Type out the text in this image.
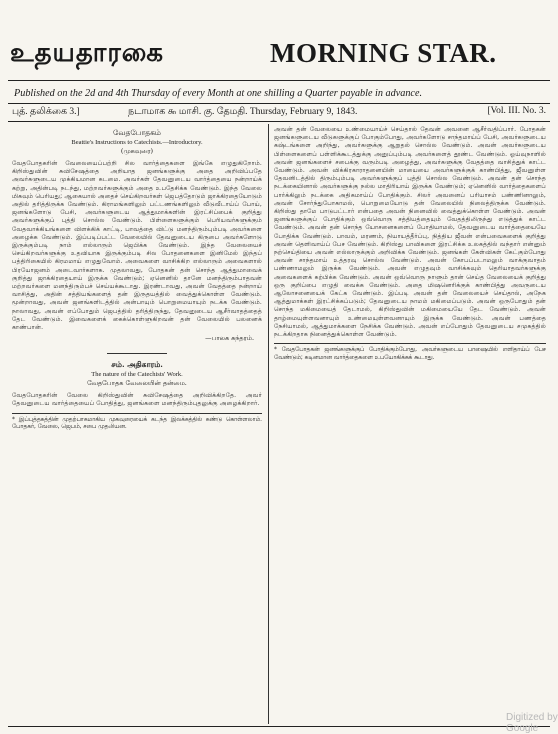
உதயதாரகை	MORNING STAR.
Published on the 2d and 4th Thursday of every Month at one shilling a Quarter payable in advance.
புத். தலிக்கை 3.]	நடாமாக ௯ மாசி. கு. தேமதி. Thursday, February 9, 1843.	[Vol. III. No. 3.

வேதபோதகம்

Beattie's Instructions to Catechists.—Introductory.

(முகவுரை)

வேதபோதகரின் வேலையைப்பற்றி சில வார்த்தைகளை இங்கே எழுதுகிறோம். கிறிஸ்துவின் சுவிசேஷத்தை அறியாத ஜனங்களுக்கு அதை அறிவிப்பதே அவர்களுடைய முக்கியமான கடமை. அவர்கள் தேவனுடைய வார்த்தையை நன்றாய்க் கற்று, அதின்படி நடந்து, மற்றவர்களுக்கும் அதை உபதேசிக்க வேண்டும். இந்த வேலை மிகவும் பெரியது; ஆகையால் அதைச் செய்கிறவர்கள் ஜெபத்தோடும் ஜாக்கிரதையோடும் அதில் தரித்திருக்க வேண்டும். கிராமங்களிலும் பட்டணங்களிலும் வீடுவீடாய்ப் போய், ஜனங்களோடு பேசி, அவர்களுடைய ஆத்துமாக்களின் இரட்சிப்பைக் குறித்து அவர்களுக்குப் புத்தி சொல்ல வேண்டும். பிள்ளைகளுக்கும் பெரியவர்களுக்கும் வேதவாக்கியங்களை விளக்கிக் காட்டி, பாவத்தை விட்டு மனந்திரும்பும்படி அவர்களை அழைக்க வேண்டும். இப்படிப்பட்ட வேலையில் தேவனுடைய கிருபை அவர்களோடு இருக்கும்படி நாம் எல்லாரும் ஜெபிக்க வேண்டும். இந்த வேலையைச் செய்கிறவர்களுக்கு உதவியாக இருக்கும்படி சில போதனைகளை இனிமேல் இந்தப் பத்திரிகையில் கிரமமாய் எழுதுவோம். அவைகளை வாசிக்கிற எல்லாரும் அவைகளால் பிரயோஜனம் அடைவார்களாக. முதலாவது, போதகன் தன் சொந்த ஆத்துமாவைக் குறித்து ஜாக்கிரதையாய் இருக்க வேண்டும்; ஏனெனில் தானே மனந்திரும்பாதவன் மற்றவர்களை மனந்திரும்பச் செய்யக்கூடாது. இரண்டாவது, அவன் வேதத்தை நன்றாய் வாசித்து, அதின் சத்தியங்களைத் தன் இருதயத்தில் வைத்துக்கொள்ள வேண்டும். மூன்றாவது, அவன் ஜனங்களிடத்தில் அன்பாயும் பொறுமையாயும் நடக்க வேண்டும். நாலாவது, அவன் எப்போதும் ஜெபத்தில் தரித்திருந்து, தேவனுடைய ஆசீர்வாதத்தைத் தேட வேண்டும். இவைகளைக் கைக்கொள்ளுகிறவன் தன் வேலையில் பலனைக் காண்பான்.

—பாலக சுந்தரம்.

௪ம். அதிகாரம்.

The nature of the Catechists' Work.

வேதபோதக வேலையின் தன்மை.

வேதபோதகரின் வேலை கிறிஸ்துவின் சுவிசேஷத்தை அறிவிக்கிறதே. அவர் தேவனுடைய வார்த்தையைப் போதித்து, ஜனங்களை மனந்திரும்புதலுக்கு அழைக்கிறார்.

* இப்புத்தகத்தின் முதற்பாகமாகிய முகவுரையைக் கடந்த இலக்கத்தில் கண்டு கொள்ளலாம். போதகர், வேலை, ஜெபம், சபை முதலியன.

அவன் தன் வேலையை உண்மையாய்ச் செய்தால் தேவன் அவனை ஆசீர்வதிப்பார். போதகன் ஜனங்களுடைய வீடுகளுக்குப் போகும்போது, அவர்களோடு சாந்தமாய்ப் பேசி, அவர்களுடைய கஷ்டங்களை அறிந்து, அவர்களுக்கு ஆறுதல் சொல்ல வேண்டும். அவன் அவர்களுடைய பிள்ளைகளைப் பள்ளிக்கூடத்துக்கு அனுப்பும்படி அவர்களைத் தூண்ட வேண்டும். ஓய்வுநாளில் அவன் ஜனங்களைச் சபைக்கு வரும்படி அழைத்து, அவர்களுக்கு வேதத்தை வாசித்துக் காட்ட வேண்டும். அவன் விக்கிரகாராதனையின் மாயையை அவர்களுக்குக் காண்பித்து, ஜீவனுள்ள தேவனிடத்தில் திரும்பும்படி அவர்களுக்குப் புத்தி சொல்ல வேண்டும். அவன் தன் சொந்த நடக்கையினால் அவர்களுக்கு நல்ல மாதிரியாய் இருக்க வேண்டும்; ஏனெனில் வார்த்தைகளைப் பார்க்கிலும் நடக்கை அதிகமாய்ப் போதிக்கும். சிலர் அவனைப் பரியாசம் பண்ணினாலும், அவன் சோர்ந்துபோகாமல், பொறுமையோடு தன் வேலையில் நிலைத்திருக்க வேண்டும். கிறிஸ்து தாமே பாடுபட்டார் என்பதை அவன் நினைவில் வைத்துக்கொள்ள வேண்டும். அவன் ஜனங்களுக்குப் போதிக்கும் ஒவ்வொரு சத்தியத்தையும் வேதத்திலிருந்து எடுத்துக் காட்ட வேண்டும். அவன் தன் சொந்த யோசனைகளைப் போதியாமல், தேவனுடைய வார்த்தையையே போதிக்க வேண்டும். பாவம், மரணம், நியாயத்தீர்ப்பு, நித்திய ஜீவன் என்பவைகளைக் குறித்து அவன் தெளிவாய்ப் பேச வேண்டும். கிறிஸ்து பாவிகளை இரட்சிக்க உலகத்தில் வந்தார் என்னும் நற்செய்தியை அவன் எல்லாருக்கும் அறிவிக்க வேண்டும். ஜனங்கள் கேள்விகள் கேட்கும்போது அவன் சாந்தமாய் உத்தரவு சொல்ல வேண்டும். அவன் கோபப்படாமலும் வாக்குவாதம் பண்ணாமலும் இருக்க வேண்டும். அவன் எழுதவும் வாசிக்கவும் தெரியாதவர்களுக்கு அவைகளைக் கற்பிக்க வேண்டும். அவன் ஒவ்வொரு நாளும் தான் செய்த வேலையைக் குறித்து ஒரு குறிப்பை எழுதி வைக்க வேண்டும். அதை மிஷனெரிக்குக் காண்பித்து அவருடைய ஆலோசனையைக் கேட்க வேண்டும். இப்படி அவன் தன் வேலையைச் செய்தால், அநேக ஆத்துமாக்கள் இரட்சிக்கப்படும்; தேவனுடைய நாமம் மகிமைப்படும். அவன் ஒருபோதும் தன் சொந்த மகிமையைத் தேடாமல், கிறிஸ்துவின் மகிமையையே தேட வேண்டும். அவன் தாழ்மையுள்ளவனாயும் உண்மையுள்ளவனாயும் இருக்க வேண்டும். அவன் பணத்தை நேசியாமல், ஆத்துமாக்களை நேசிக்க வேண்டும். அவன் எப்போதும் தேவனுடைய சமுகத்தில் நடக்கிறதாக நினைத்துக்கொள்ள வேண்டும்.

* வேதபோதகன் ஜனங்களுக்குப் போதிக்கும்போது, அவர்களுடைய பாஷையில் எளிதாய்ப் பேச வேண்டும்; கடினமான வார்த்தைகளை உபயோகிக்கக் கூடாது.

Digitized by Google
